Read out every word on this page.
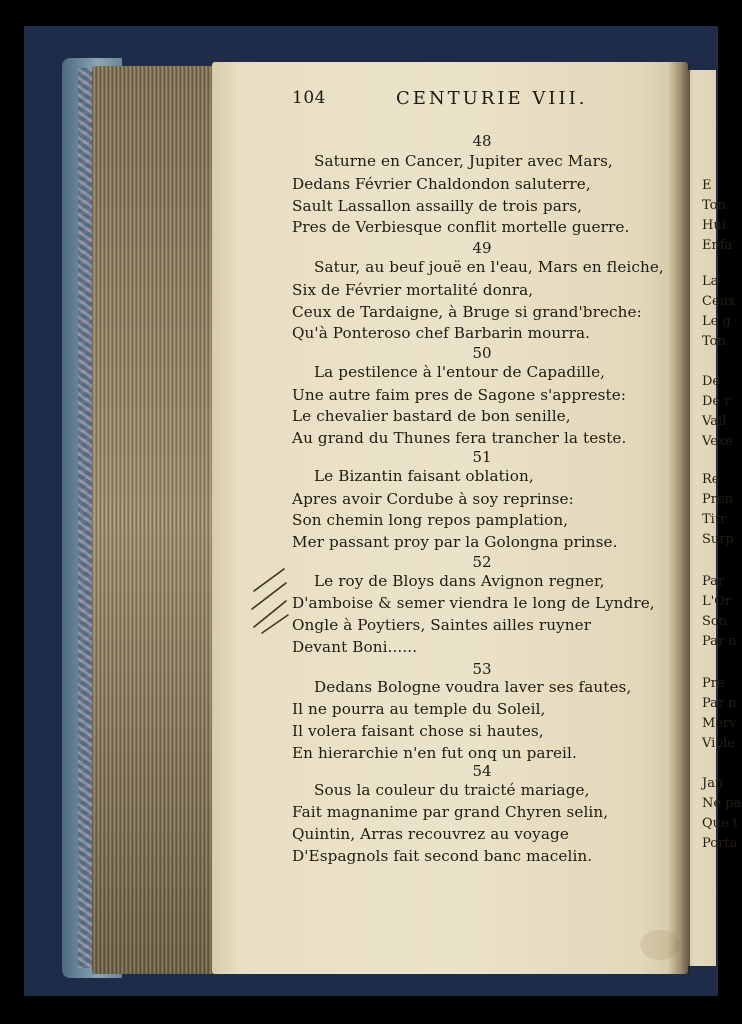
104	CENTURIE VIII.
48
Saturne en Cancer, Jupiter avec Mars,
Dedans Février Chaldondon saluterre,
Sault Lassallon assailly de trois pars,
Pres de Verbiesque conflit mortelle guerre.
49
Satur, au beuf jouë en l'eau, Mars en fleiche,
Six de Février mortalité donra,
Ceux de Tardaigne, à Bruge si grand'breche:
Qu'à Ponteroso chef Barbarin mourra.
50
La pestilence à l'entour de Capadille,
Une autre faim pres de Sagone s'appreste:
Le chevalier bastard de bon senille,
Au grand du Thunes fera trancher la teste.
51
Le Bizantin faisant oblation,
Apres avoir Cordube à soy reprinse:
Son chemin long repos pamplation,
Mer passant proy par la Golongna prinse.
52
Le roy de Bloys dans Avignon regner,
D'amboise & semer viendra le long de Lyndre,
Ongle à Poytiers, Saintes ailles ruyner
Devant Boni......
53
Dedans Bologne voudra laver ses fautes,
Il ne pourra au temple du Soleil,
Il volera faisant chose si hautes,
En hierarchie n'en fut onq un pareil.
54
Sous la couleur du traicté mariage,
Fait magnanime par grand Chyren selin,
Quintin, Arras recouvrez au voyage
D'Espagnols fait second banc macelin.
E
Ton
Hui
Enfa
La
Ceux
Le g
Ton
De
De r
Vail
Vexe
Re
Pren
Titr
Surp
Par
L'Or
Son
Par n
Pre
Par n
Merv
Viole
Jan
Ne pa
Que t
Porta
